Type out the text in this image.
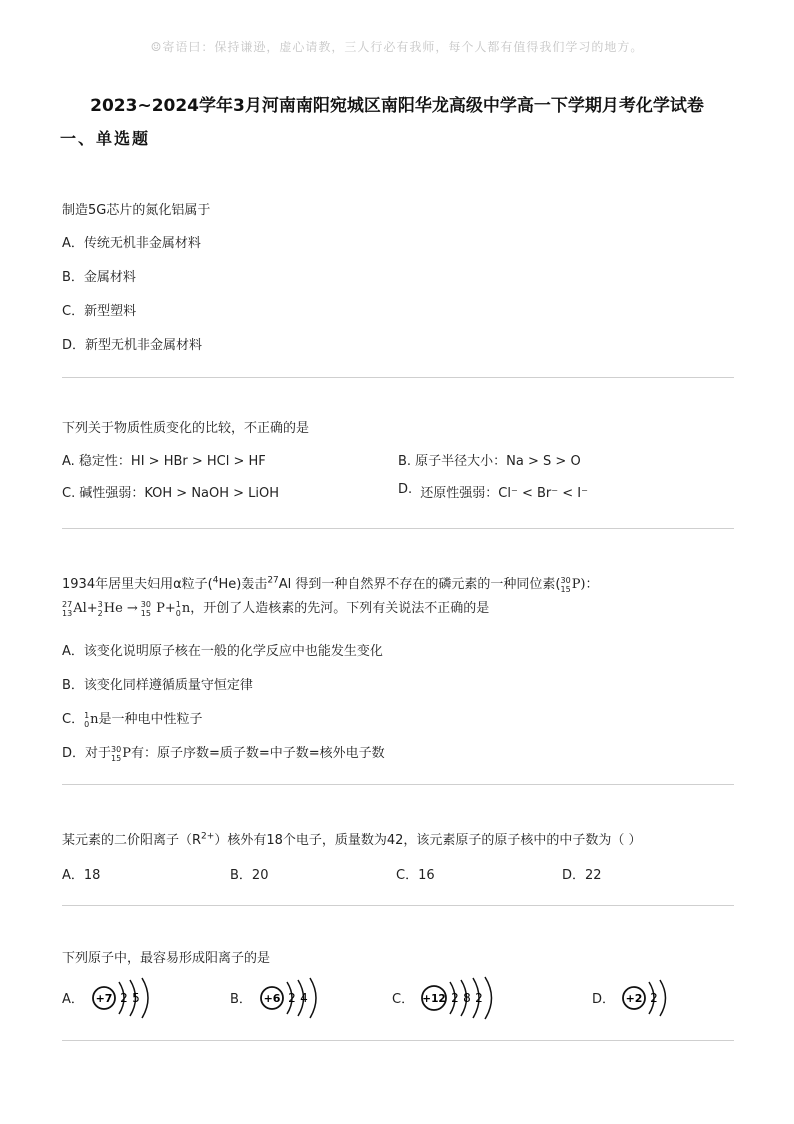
☺寄语曰：保持谦逊，虚心请教，三人行必有我师，每个人都有值得我们学习的地方。
2023~2024学年3月河南南阳宛城区南阳华龙高级中学高一下学期月考化学试卷
一、单选题
制造5G芯片的氮化铝属于
A．传统无机非金属材料
B．金属材料
C．新型塑料
D．新型无机非金属材料
下列关于物质性质变化的比较，不正确的是
A. 稳定性：HI > HBr > HCl > HF	B. 原子半径大小：Na > S > O
C. 碱性强弱：KOH > NaOH > LiOH	D. 还原性强弱：Cl⁻ < Br⁻ < I⁻
1934年居里夫妇用α粒子($^4$He)轰击$^{27}$Al 得到一种自然界不存在的磷元素的一种同位素( 30
15 P)：
27
13 Al+ 3
2 He → 30
15 P+ 1
0 n，开创了人造核素的先河。下列有关说法不正确的是
A．该变化说明原子核在一般的化学反应中也能发生变化
B．该变化同样遵循质量守恒定律
C． 1
0 n是一种电中性粒子
D．对于 30
15 P有：原子序数=质子数=中子数=核外电子数
某元素的二价阳离子$(R^{2+})$核外有18个电子，质量数为42，该元素原子的原子核中的中子数为（ ）
A．18	B．20	C．16	D．22
下列原子中，最容易形成阳离子的是
A． +7 2 5	B． +6 2 4	C． +12 2 8 2	D． +2 2
